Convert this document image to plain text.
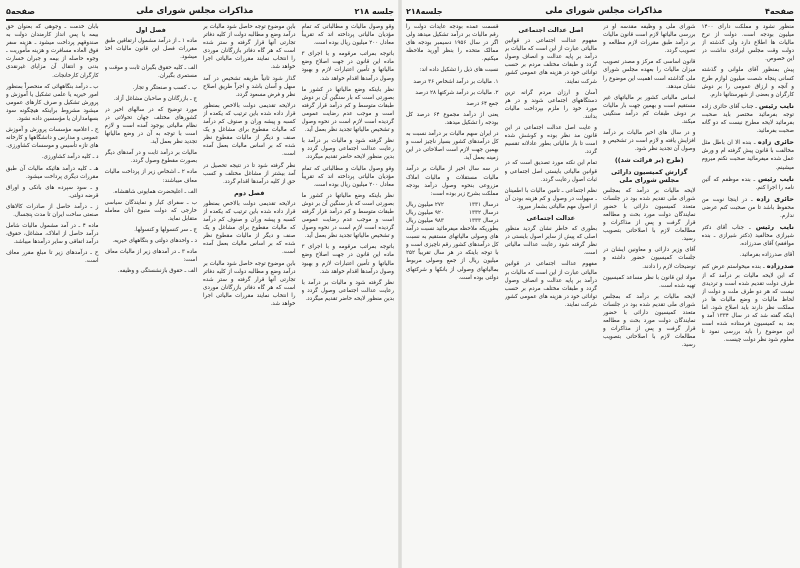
جلسه ۲۱۸
مذاکرات مجلس شورای ملی
صفحه۵

وقو وصول مالیات و مطالباتی که تمام مؤدیان مالیاتی پرداخته اند که تقریباً معادل ۲۰۰ میلیون ریال بوده است.

باتوجه بمراتب مرقومه و با اجرای ۳ ماده این قانون در جهت اصلاح وضع مالیاتها و تأمین اعتبارات لازم و بهبود وصول درآمدها اقدام خواهد شد.

نظر باینکه وضع مالیاتها در کشور ما بصورتی است که بار سنگین آن بر دوش طبقات متوسط و کم درآمد قرار گرفته است و موجب عدم رضایت عمومی گردیده است لازم است در نحوه وصول و تشخیص مالیاتها تجدید نظر بعمل آید.

نظر گرفته شود و مالیات بر درآمد با رعایت عدالت اجتماعی وصول گردد و بدین منظور لایحه حاضر تقدیم میگردد.

وقو وصول مالیات و مطالباتی که تمام مؤدیان مالیاتی پرداخته اند که تقریباً معادل ۲۰۰ میلیون ریال بوده است.

نظر باینکه وضع مالیاتها در کشور ما بصورتی است که بار سنگین آن بر دوش طبقات متوسط و کم درآمد قرار گرفته است و موجب عدم رضایت عمومی گردیده است لازم است در نحوه وصول و تشخیص مالیاتها تجدید نظر بعمل آید.

باتوجه بمراتب مرقومه و با اجرای ۳ ماده این قانون در جهت اصلاح وضع مالیاتها و تأمین اعتبارات لازم و بهبود وصول درآمدها اقدام خواهد شد.

نظر گرفته شود و مالیات بر درآمد با رعایت عدالت اجتماعی وصول گردد و بدین منظور لایحه حاضر تقدیم میگردد.

باین موضوع توجه حاصل شود مالیات بر درآمد وضع و مطالبه دولت از کلیه دفاتر تجارتی آنها قرار گرفته و ستر شده است که هر گاه دفاتر بازرگانان موردی را انتخاب نمایند مقررات مالیاتی اجرا خواهد شد.

گذار شود ثانیاً طریقه تشخیص در آمد سهل و آسان باشد و اجراً طریق اصلاح نظر و فرض مسعود گردد.

درلایحه تقدیمی دولت بالاخص بمنظور قرار داده شده باین ترتیب که یکعده از کسبه و پیشه وران و صنوف کم درآمد که مالیات مقطوع برای مشاغل و یک صنف و دیگر از مالیات مقطوع نظر شده که بر اساس مالیات بعمل آمده است.

نظر گرفته شود تا در نتیجه تحصیل در آمد بیشتر از مشاغل مختلف و کسب حق از کلیه درآمدها اقدام گردد.

فصل دوم

درلایحه تقدیمی دولت بالاخص بمنظور قرار داده شده باین ترتیب که یکعده از کسبه و پیشه وران و صنوف کم درآمد که مالیات مقطوع برای مشاغل و یک صنف و دیگر از مالیات مقطوع نظر شده که بر اساس مالیات بعمل آمده است.

باین موضوع توجه حاصل شود مالیات بر درآمد وضع و مطالبه دولت از کلیه دفاتر تجارتی آنها قرار گرفته و ستر شده است که هر گاه دفاتر بازرگانان موردی را انتخاب نمایند مقررات مالیاتی اجرا خواهد شد.

فصل اول

ماده ۱ ـ از درآمد مشمول ارتفاقین طبق مقررات فصل این قانون مالیات اخذ میشود.

الف ـ کلیه حقوق بگیران ثابت و موقت و مستمری بگیران.

ب ـ کسب و صنعتگر و تجار.

ج ـ بازرگانان و صاحبان مشاغل آزاد.

مورد توضیح که در سالهای اخیر در کشورهای مختلف جهان تحولاتی در نظام مالیاتی بوجود آمده است و لازم است با توجه به آن در وضع مالیاتها تجدید نظر بعمل آید.

مالیات بر درآمد ثابت و در آمدهای دیگر بصورت مقطوع وصول گردد.

ماده ۲ ـ اشخاص زیر از پرداخت مالیات معاف میباشند:

الف ـ اعلیحضرت همایونی شاهنشاه.

ب ـ سفرای کبار و نمایندگان سیاسی خارجی که دولت متبوع آنان معامله متقابل نماید.

ج ـ سر کنسولها و کنسولها.

د ـ واحدهای دولتی و بنگاههای خیریه.

ماده ۳ ـ در آمدهای زیر از مالیات معاف است:

الف ـ حقوق بازنشستگی و وظیفه.

بابان خدمت ـ وجوهی که بعنوان حق بیمه یا پس انداز کارمندان دولت به صندوقهم پرداخت میشود ـ هزینه سفر فوق العاده مسافرت و هزینه مأموریت ـ وجوه حاصله از بیمه و جبران خسارت بدنی و انتقال آن مزایای غیرنقدی کارگران کارخانجات.

ب ـ درآمد بنگاههائی که منحصراً بمنظور امور خیریه یا علمی تشکیل یا آموزش و پرورش تشکیل و صرف کارهای عمومی میشود مشروط براینکه هیچگونه سود بسهامداران یا مؤسسین داده نشود.

ج ـ اعلامیه مؤسسات پرورش و آموزش عمومی و مدارس و دانشگاهها و کارخانه های تازه تأسیس و موسسات کشاورزی.

د ـ کلیه درآمد کشاورزی.

هـ ـ کلیه درآمد هائیکه مالیات آن طبق مقررات دیگری پرداخت میشود.

و ـ سود سپرده های بانکی و اوراق قرضه دولتی.

ز ـ درآمد حاصل از صادرات کالاهای صنعتی ساخت ایران تا مدت پنجسال.

ماده ۴ ـ در آمد مشمول مالیات شامل درآمد حاصل از املاک، مشاغل، حقوق، درآمد اتفاقی و سایر درآمدها میباشد.

ح ـ درآمدهای زیر تا مبلغ مقرر معاف است.

صفحه۴
مذاکرات مجلس شورای ملی
جلسه۲۱۸

منظور نشود و مملکت دارای ۱۴۰۰ میلیون بودجه است. دولت از نرخ مالیات ها اطلاع دارد ولی گذشته از دولت وقت مجلس ایرادی نداشت در این خصوص.

پیش بمنظور آقای ملوانی و گذشته کسانی پنجاه شصت میلیون لوازم طرح و آنچه و ارزاق عمومی را بر دوش کارگران و بعضی از شهرستانها دارم.

نایب رئیس ـ جناب آقای حائری زاده توجه بفرمائید مختصر باید صحبت بفرمائید لایحه مطرح نیست که دو گانه صحبت بفرمائید.

حائری زاده ـ بنده الا ان باطل مثل مخالفت با قانون پیش گرفته ام و ورش عمل شده میفرمائید صحبت نکنم میروم میشینم.

نایب رئیس ـ بنده موظفم که آئین نامه را اجرا کنم.

حائری زاده ـ در اینجا نوبت من محفوظ باشد تا من صحبت کنم عرضی ندارم.

نایب رئیس ـ جناب آقای دکتر شیرازی مخالفید (دکتر شیرازی ـ بنده موافقم) آقای صدرزاده.

آقای صدرزاده بفرمائید.

صدرزاده ـ بنده میخواستم عرض کنم که این لایحه مالیات بر درآمد که از طرف دولت تقدیم شده است و تردیدی نیست که هر دو طرف ملت و دولت از لحاظ مالیات و وضع مالیات ها در مملکت نظر دارند باید اصلاح شود. اما اینکه گفته شد که در سال ۱۳۳۴ آمد و بعد به کمیسیون فرستاده شده است این موضوع را باید بررسی نمود تا معلوم شود نظر دولت چیست.

شورای ملی و وظیفه مقدسه او در بررسی مالیاتها لازم است قانون مالیات بر درآمد طبق مقررات لازم مطالعه و تصویب گردد.

قانون اساسی که مرکز و مصدر تصویب میزان مالیات را بعهده مجلس شورای ملی گذاشته است اهمیت این موضوع را نشان میدهد.

اساس مالیاتی کشور بر مالیاتهای غیر مستقیم است و بهمین جهت بار مالیات بر دوش طبقات کم درآمد سنگینی میکند.

و در سال های اخیر مالیات بر درآمد افزایش یافته و لازم است در تشخیص و وصول آن تجدید نظر شود.

(طرح (بر قرائت شد))
گزارش کمیسیون دارائی مجلس شورای ملی

لایحه مالیات بر درآمد که بمجلس شورای ملی تقدیم شده بود در جلسات متعدد کمیسیون دارائی با حضور نمایندگان دولت مورد بحث و مطالعه قرار گرفت و پس از مذاکرات و مطالعات لازم با اصلاحاتی بتصویب رسید.

آقای وزیر دارائی و معاونین ایشان در جلسات کمیسیون حضور داشته و توضیحات لازم را دادند.

مواد این قانون با نظر مساعد کمیسیون تهیه شده است.

لایحه مالیات بر درآمد که بمجلس شورای ملی تقدیم شده بود در جلسات متعدد کمیسیون دارائی با حضور نمایندگان دولت مورد بحث و مطالعه قرار گرفت و پس از مذاکرات و مطالعات لازم با اصلاحاتی بتصویب رسید.

اصل عدالت اجتماعی

مفهوم عدالت اجتماعی در قوانین مالیاتی عبارت از این است که مالیات بر درآمد بر پایه عدالت و انصاف وصول گردد و طبقات مختلف مردم بر حسب توانائی خود در هزینه های عمومی کشور شرکت نمایند.

آسان و ارزان مردم گرانه ترین دستگاههای اجتماعی شوند و در هر مورد خود را ملزم بپرداخت مالیات بدانند.

و عایت اصل عدالت اجتماعی در این قانون مد نظر بوده و کوشش شده است تا بار مالیاتی بطور عادلانه تقسیم گردد.

تمام این نکته مورد تصدیق است که در قوانین مالیاتی بایستی اصل اجتماعی و ثبات اصول رعایت گردد.

نظم اجتماعی ـ تامین مالیات با اطمینان ـ سهولت در وصول و کم هزینه بودن آن از اصول مهم مالیاتی بشمار میرود.

عدالت اجتماعی

بطوری که خاطر نشان گردید منظور اصلی که پیش از سایر اصول بایستی در نظر گرفته شود رعایت عدالت مالیاتی است.

مفهوم عدالت اجتماعی در قوانین مالیاتی عبارت از این است که مالیات بر درآمد بر پایه عدالت و انصاف وصول گردد و طبقات مختلف مردم بر حسب توانائی خود در هزینه های عمومی کشور شرکت نمایند.

قسمت عمده بودجه عایدات دولت را رقم مالیات بر درآمد تشکیل میدهد ولی اگر در سال ۱۹۵۶ دسیمبر بودجه های ممالک متحده را بنظر آورید ملاحظه میکنیم.

نسبت های ذیل را تشکیل داده اند:

۱. مالیات بر درآمد اشخاص ۳۶ درصد

۲. مالیات بر درآمد شرکتها ۲۸ درصد

جمع ۶۴ درصد

یعنی از درآمد مجموع ۶۴ درصد کل بودجه را تشکیل میدهد.

در ایران سهم مالیات بر درآمد نسبت به کل درآمدهای کشور بسیار ناچیز است و بهمین جهت لازم است اصلاحاتی در این زمینه بعمل آید.

در سه سال اخیر از مالیات بر درآمد مالیات مستقلات و مالیات املاک مزروعی بنحوه وصول درآمد بودجه مملکت بشرح زیر بوده است:

درسال ۱۳۳۱
۲۷۲ میلیون ریال
درسال ۱۳۳۲
۹۲۰ میلیون ریال
درسال ۱۳۳۳
۹۸۳ میلیون ریال

بطوریکه ملاحظه میفرمائید نسبت درآمد های وصولی مالیاتهای مستقیم به نسبت کل درآمدهای کشور رقم ناچیزی است و با توجه باینکه در هر سال تقریباً ۲۵۲ میلیون ریال از جمع وصولی مربوط بمالیاتهای وصولی از بانکها و شرکتهای دولتی بوده است.
